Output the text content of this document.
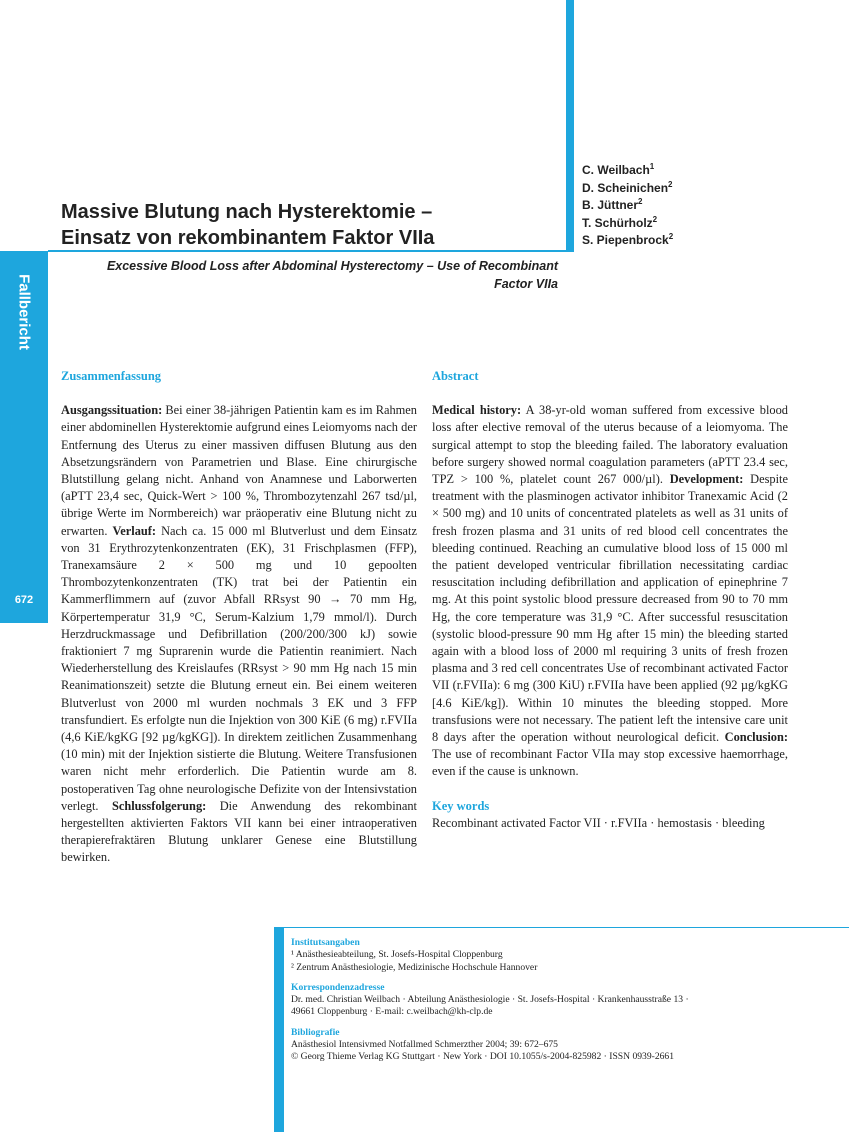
Fallbericht
672
C. Weilbach$^1$
D. Scheinichen$^2$
B. Jüttner$^2$
T. Schürholz$^2$
S. Piepenbrock$^2$
Massive Blutung nach Hysterektomie –
Einsatz von rekombinantem Faktor VIIa
Excessive Blood Loss after Abdominal Hysterectomy – Use of Recombinant
Factor VIIa
Zusammenfassung

Ausgangssituation: Bei einer 38-jährigen Patientin kam es im Rahmen einer abdominellen Hysterektomie aufgrund eines Leiomyoms nach der Entfernung des Uterus zu einer massiven diffusen Blutung aus den Absetzungsrändern von Parametrien und Blase. Eine chirurgische Blutstillung gelang nicht. Anhand von Anamnese und Laborwerten (aPTT 23,4 sec, Quick-Wert > 100 %, Thrombozytenzahl 267 tsd/µl, übrige Werte im Normbereich) war präoperativ eine Blutung nicht zu erwarten. Verlauf: Nach ca. 15 000 ml Blutverlust und dem Einsatz von 31 Erythrozytenkonzentraten (EK), 31 Frischplasmen (FFP), Tranexamsäure 2 × 500 mg und 10 gepoolten Thrombozytenkonzentraten (TK) trat bei der Patientin ein Kammerflimmern auf (zuvor Abfall RRsyst 90 → 70 mm Hg, Körpertemperatur 31,9 °C, Serum-Kalzium 1,79 mmol/l). Durch Herzdruckmassage und Defibrillation (200/200/300 kJ) sowie fraktioniert 7 mg Suprarenin wurde die Patientin reanimiert. Nach Wiederherstellung des Kreislaufes (RRsyst > 90 mm Hg nach 15 min Reanimationszeit) setzte die Blutung erneut ein. Bei einem weiteren Blutverlust von 2000 ml wurden nochmals 3 EK und 3 FFP transfundiert. Es erfolgte nun die Injektion von 300 KiE (6 mg) r.FVIIa (4,6 KiE/kgKG [92 µg/kgKG]). In direktem zeitlichen Zusammenhang (10 min) mit der Injektion sistierte die Blutung. Weitere Transfusionen waren nicht mehr erforderlich. Die Patientin wurde am 8. postoperativen Tag ohne neurologische Defizite von der Intensivstation verlegt. Schlussfolgerung: Die Anwendung des rekombinant hergestellten aktivierten Faktors VII kann bei einer intraoperativen therapierefraktären Blutung unklarer Genese eine Blutstillung bewirken.

Abstract

Medical history: A 38-yr-old woman suffered from excessive blood loss after elective removal of the uterus because of a leiomyoma. The surgical attempt to stop the bleeding failed. The laboratory evaluation before surgery showed normal coagulation parameters (aPTT 23.4 sec, TPZ > 100 %, platelet count 267 000/µl). Development: Despite treatment with the plasminogen activator inhibitor Tranexamic Acid (2 × 500 mg) and 10 units of concentrated platelets as well as 31 units of fresh frozen plasma and 31 units of red blood cell concentrates the bleeding continued. Reaching an cumulative blood loss of 15 000 ml the patient developed ventricular fibrillation necessitating cardiac resuscitation including defibrillation and application of epinephrine 7 mg. At this point systolic blood pressure decreased from 90 to 70 mm Hg, the core temperature was 31,9 °C. After successful resuscitation (systolic blood-pressure 90 mm Hg after 15 min) the bleeding started again with a blood loss of 2000 ml requiring 3 units of fresh frozen plasma and 3 red cell concentrates Use of recombinant activated Factor VII (r.FVIIa): 6 mg (300 KiU) r.FVIIa have been applied (92 µg/kgKG [4.6 KiE/kg]). Within 10 minutes the bleeding stopped. More transfusions were not necessary. The patient left the intensive care unit 8 days after the operation without neurological deficit. Conclusion: The use of recombinant Factor VIIa may stop excessive haemorrhage, even if the cause is unknown.

Key words
Recombinant activated Factor VII · r.FVIIa · hemostasis · bleeding
Institutsangaben
¹ Anästhesieabteilung, St. Josefs-Hospital Cloppenburg
² Zentrum Anästhesiologie, Medizinische Hochschule Hannover
Korrespondenzadresse
Dr. med. Christian Weilbach · Abteilung Anästhesiologie · St. Josefs-Hospital · Krankenhausstraße 13 ·
49661 Cloppenburg · E-mail: c.weilbach@kh-clp.de
Bibliografie
Anästhesiol Intensivmed Notfallmed Schmerzther 2004; 39: 672–675
© Georg Thieme Verlag KG Stuttgart · New York · DOI 10.1055/s-2004-825982 · ISSN 0939-2661
